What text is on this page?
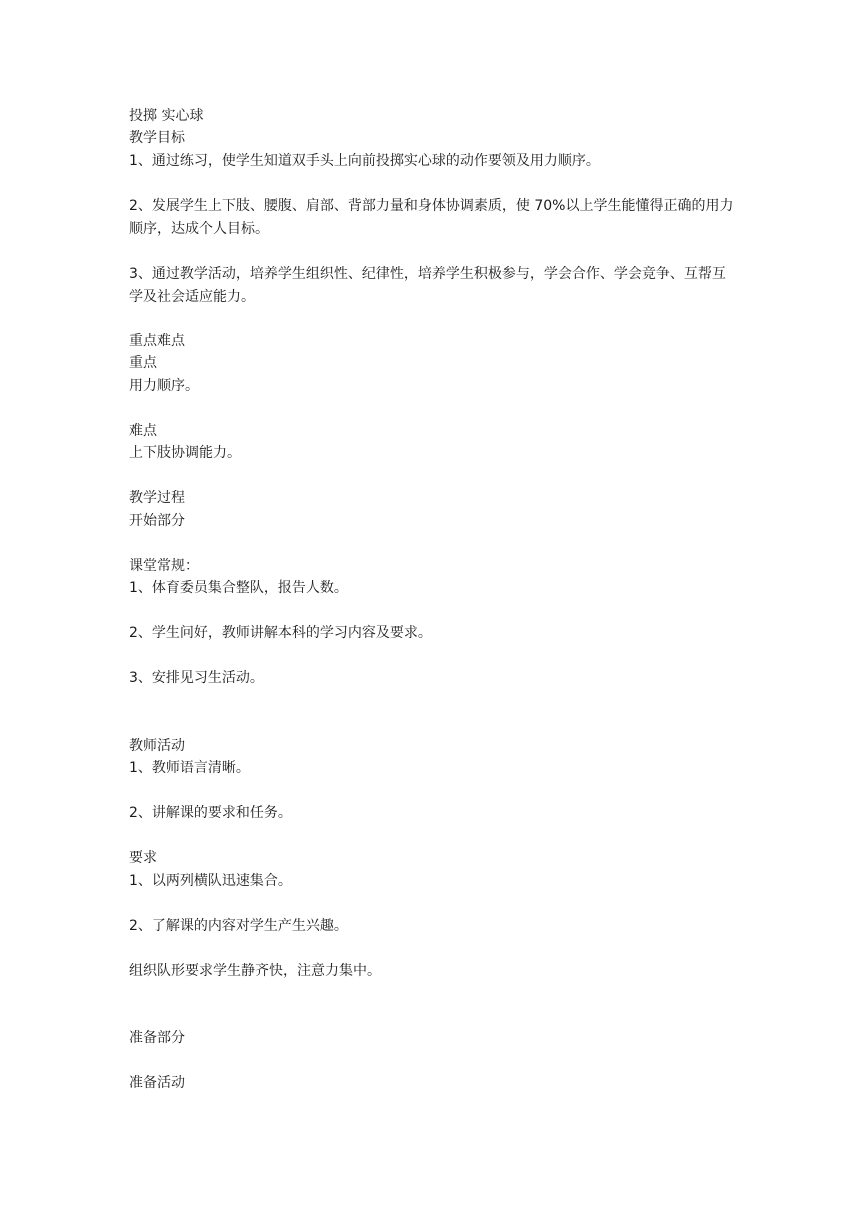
投掷 实心球
教学目标
1、通过练习，使学生知道双手头上向前投掷实心球的动作要领及用力顺序。
2、发展学生上下肢、腰腹、肩部、背部力量和身体协调素质，使 70%以上学生能懂得正确的用力顺序，达成个人目标。
3、通过教学活动，培养学生组织性、纪律性，培养学生积极参与，学会合作、学会竞争、互帮互学及社会适应能力。
重点难点
重点
用力顺序。
难点
上下肢协调能力。
教学过程
开始部分
课堂常规：
1、体育委员集合整队，报告人数。
2、学生问好，教师讲解本科的学习内容及要求。
3、安排见习生活动。
教师活动
1、教师语言清晰。
2、讲解课的要求和任务。
要求
1、以两列横队迅速集合。
2、了解课的内容对学生产生兴趣。
组织队形要求学生静齐快，注意力集中。
准备部分
准备活动
